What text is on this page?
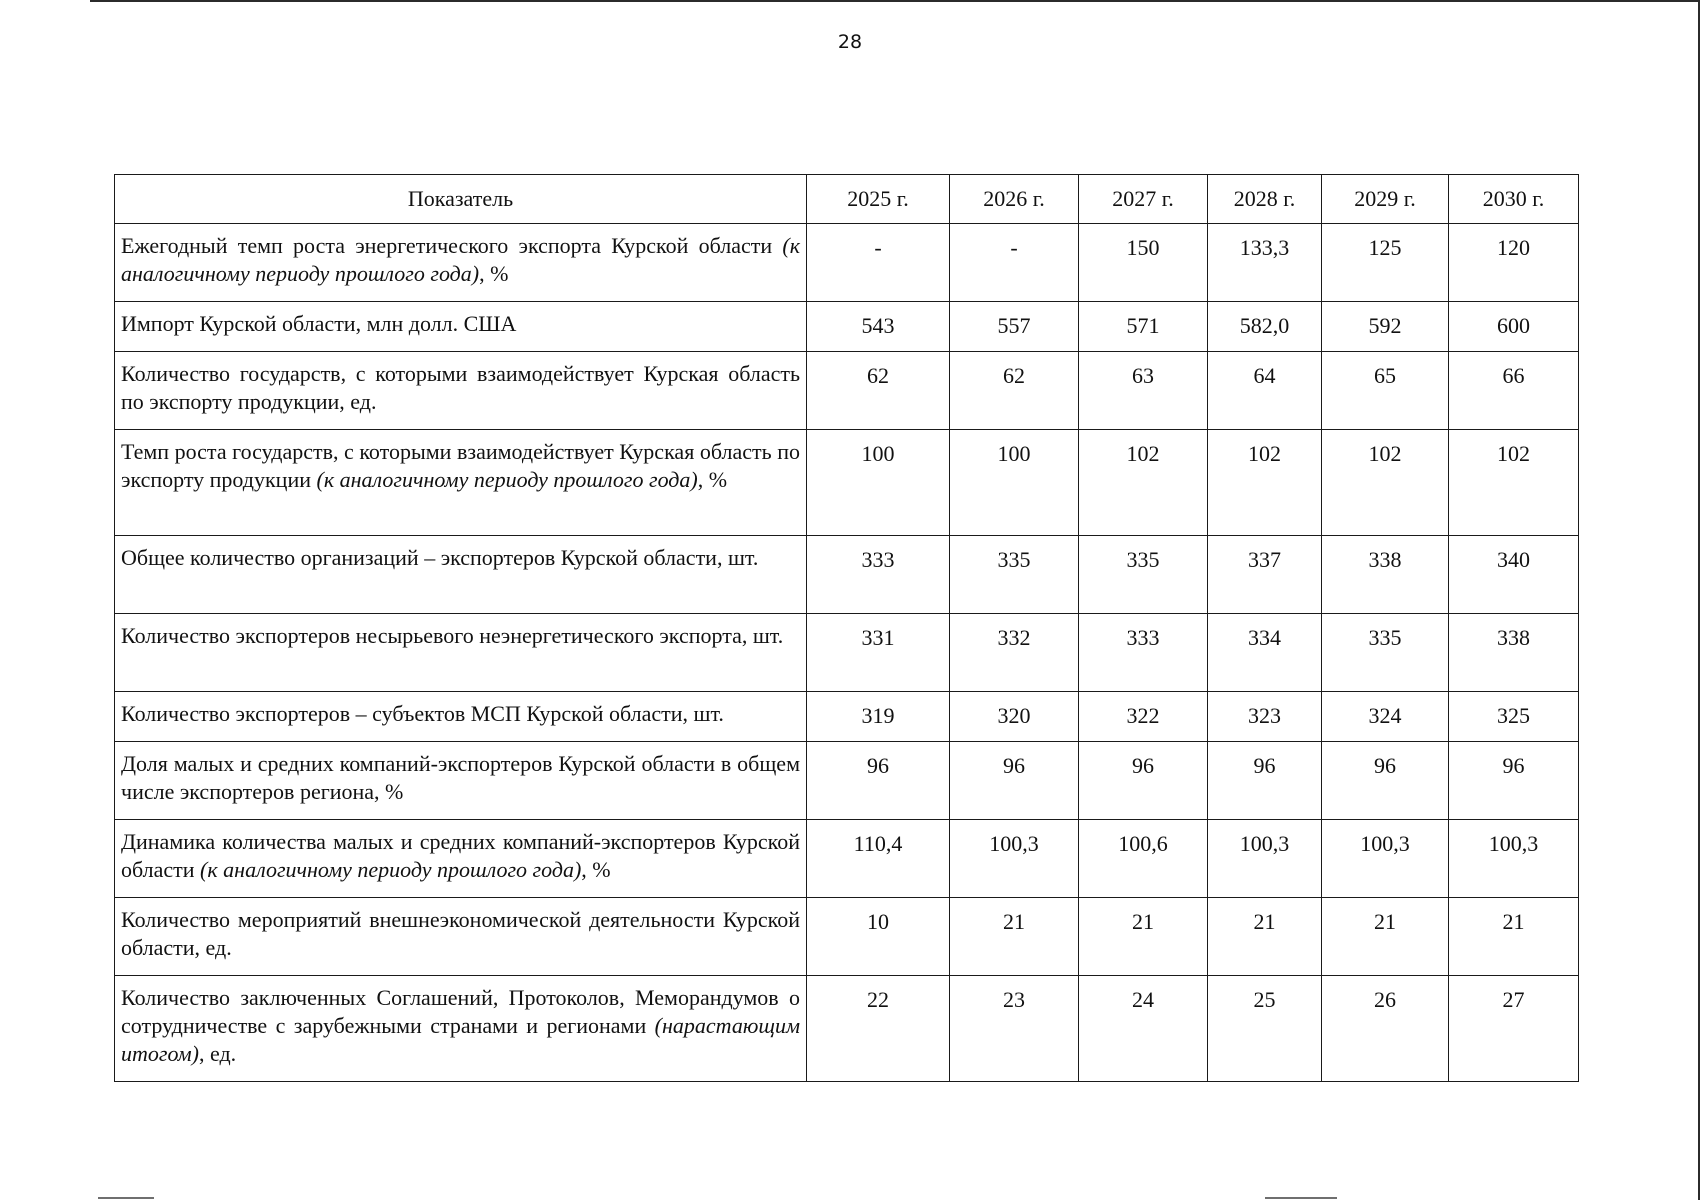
28
Показатель	2025 г.	2026 г.	2027 г.	2028 г.	2029 г.	2030 г.
Ежегодный темп роста энергетического экспорта Курской области (к аналогичному периоду прошлого года), %	-	-	150	133,3	125	120
Импорт Курской области, млн долл. США	543	557	571	582,0	592	600
Количество государств, с которыми взаимодействует Курская область по экспорту продукции, ед.	62	62	63	64	65	66
Темп роста государств, с которыми взаимодействует Курская область по экспорту продукции (к аналогичному периоду прошлого года), %	100	100	102	102	102	102
Общее количество организаций – экспортеров Курской области, шт.	333	335	335	337	338	340
Количество экспортеров несырьевого неэнергетического экспорта, шт.	331	332	333	334	335	338
Количество экспортеров – субъектов МСП Курской области, шт.	319	320	322	323	324	325
Доля малых и средних компаний-экспортеров Курской области в общем числе экспортеров региона, %	96	96	96	96	96	96
Динамика количества малых и средних компаний-экспортеров Курской области (к аналогичному периоду прошлого года), %	110,4	100,3	100,6	100,3	100,3	100,3
Количество мероприятий внешнеэкономической деятельности Курской области, ед.	10	21	21	21	21	21
Количество заключенных Соглашений, Протоколов, Меморандумов о сотрудничестве с зарубежными странами и регионами (нарастающим итогом), ед.	22	23	24	25	26	27
